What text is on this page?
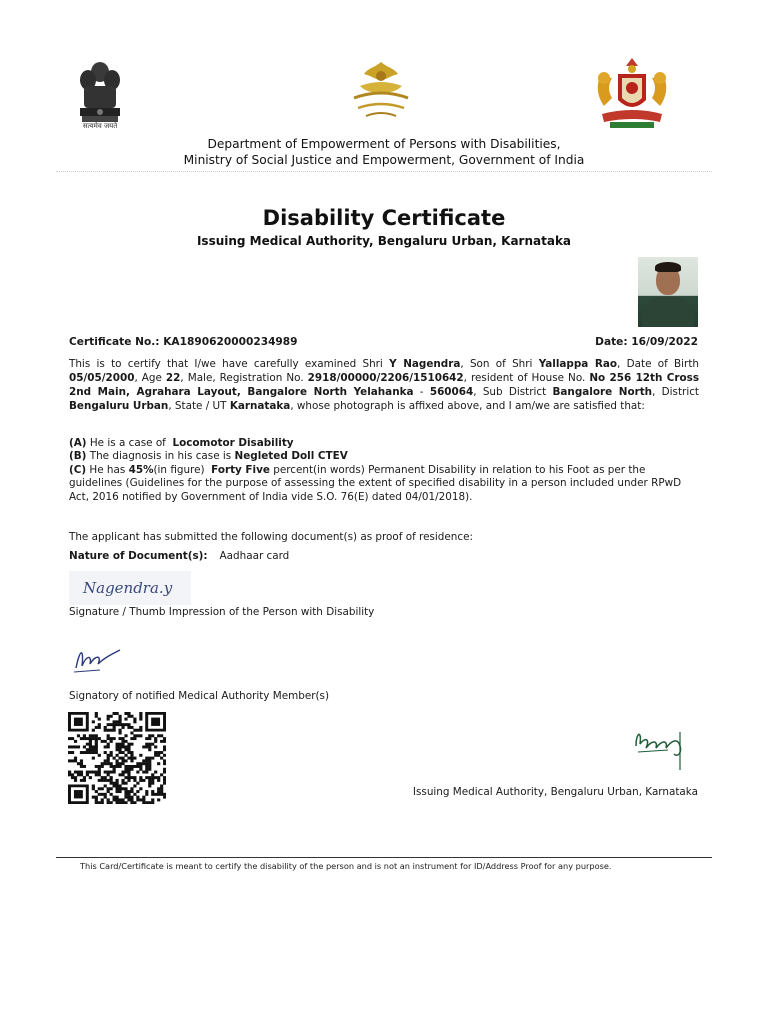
सत्यमेव जयते
Department of Empowerment of Persons with Disabilities,
Ministry of Social Justice and Empowerment, Government of India
Disability Certificate
Issuing Medical Authority, Bengaluru Urban, Karnataka
Certificate No.: KA1890620000234989	Date: 16/09/2022
This is to certify that I/we have carefully examined Shri Y Nagendra, Son of Shri Yallappa Rao, Date of Birth 05/05/2000, Age 22, Male, Registration No. 2918/00000/2206/1510642, resident of House No. No 256 12th Cross 2nd Main, Agrahara Layout, Bangalore North Yelahanka - 560064, Sub District Bangalore North, District Bengaluru Urban, State / UT Karnataka, whose photograph is affixed above, and I am/we are satisfied that:
(A) He is a case of  Locomotor Disability
(B) The diagnosis in his case is Negleted Doll CTEV
(C) He has 45%(in figure)  Forty Five percent(in words) Permanent Disability in relation to his Foot as per the guidelines (Guidelines for the purpose of assessing the extent of specified disability in a person included under RPwD Act, 2016 notified by Government of India vide S.O. 76(E) dated 04/01/2018).
The applicant has submitted the following document(s) as proof of residence:
Nature of Document(s): Aadhaar card
Nagendra.y
Signature / Thumb Impression of the Person with Disability
Signatory of notified Medical Authority Member(s)
Issuing Medical Authority, Bengaluru Urban, Karnataka
This Card/Certificate is meant to certify the disability of the person and is not an instrument for ID/Address Proof for any purpose.
